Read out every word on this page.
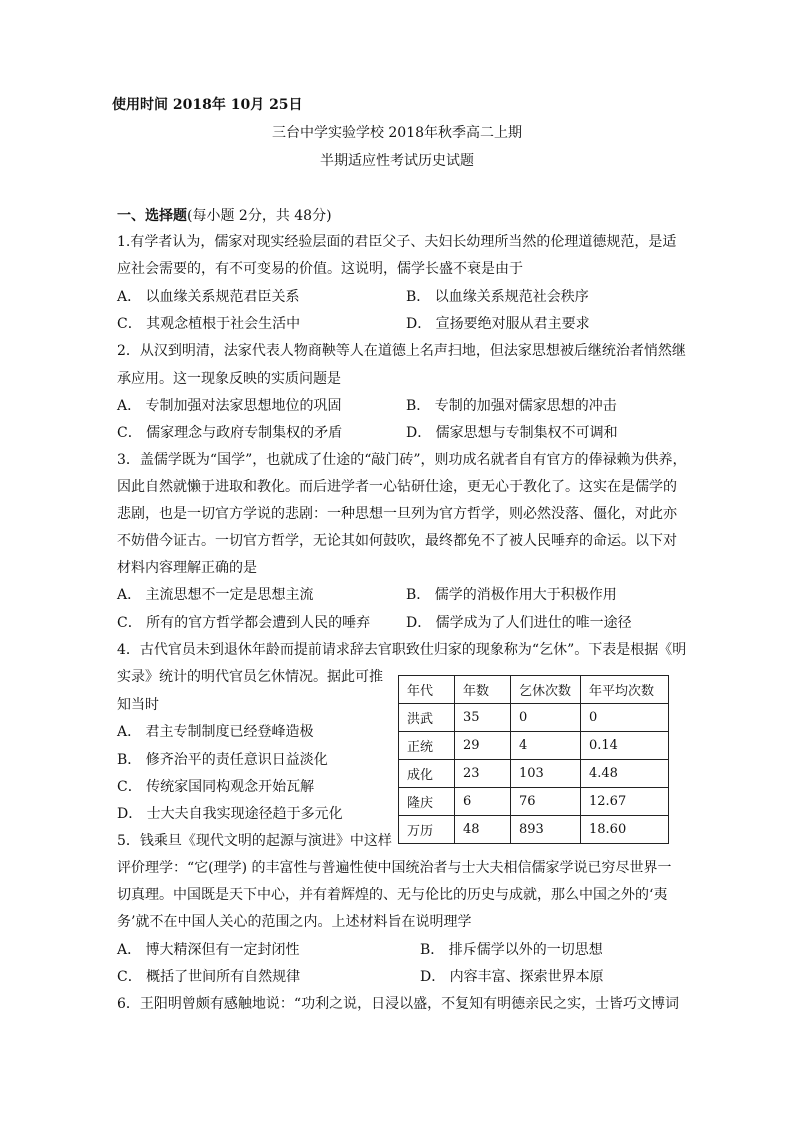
使用时间 2018年 10月 25日
三台中学实验学校 2018年秋季高二上期
半期适应性考试历史试题
一、选择题(每小题 2分，共 48分)
1.有学者认为，儒家对现实经验层面的君臣父子、夫妇长幼理所当然的伦理道德规范，是适
应社会需要的，有不可变易的价值。这说明，儒学长盛不衰是由于
A． 以血缘关系规范君臣关系	B． 以血缘关系规范社会秩序
C． 其观念植根于社会生活中	D． 宣扬要绝对服从君主要求
2．从汉到明清，法家代表人物商鞅等人在道德上名声扫地，但法家思想被后继统治者悄然继
承应用。这一现象反映的实质问题是
A． 专制加强对法家思想地位的巩固	B． 专制的加强对儒家思想的冲击
C． 儒家理念与政府专制集权的矛盾	D． 儒家思想与专制集权不可调和
3．盖儒学既为“国学”，也就成了仕途的“敲门砖”，则功成名就者自有官方的俸禄赖为供养，
因此自然就懒于进取和教化。而后进学者一心钻研仕途，更无心于教化了。这实在是儒学的
悲剧，也是一切官方学说的悲剧：一种思想一旦列为官方哲学，则必然没落、僵化，对此亦
不妨借今证古。一切官方哲学，无论其如何鼓吹，最终都免不了被人民唾弃的命运。以下对
材料内容理解正确的是
A． 主流思想不一定是思想主流	B． 儒学的消极作用大于积极作用
C． 所有的官方哲学都会遭到人民的唾弃	D． 儒学成为了人们进仕的唯一途径
4．古代官员未到退休年龄而提前请求辞去官职致仕归家的现象称为“乞休”。下表是根据《明
实录》统计的明代官员乞休情况。据此可推
知当时
A． 君主专制制度已经登峰造极
B． 修齐治平的责任意识日益淡化
C． 传统家国同构观念开始瓦解
D． 士大夫自我实现途径趋于多元化
年代	年数	乞休次数	年平均次数
洪武	35	0	0
正统	29	4	0.14
成化	23	103	4.48
隆庆	6	76	12.67
万历	48	893	18.60
5．钱乘旦《现代文明的起源与演进》中这样
评价理学：“它(理学) 的丰富性与普遍性使中国统治者与士大夫相信儒家学说已穷尽世界一
切真理。中国既是天下中心，并有着辉煌的、无与伦比的历史与成就，那么中国之外的‘夷
务’就不在中国人关心的范围之内。上述材料旨在说明理学
A． 博大精深但有一定封闭性	B． 排斥儒学以外的一切思想
C． 概括了世间所有自然规律	D． 内容丰富、探索世界本原
6．王阳明曾颇有感触地说：“功利之说，日浸以盛，不复知有明德亲民之实，士皆巧文博词
